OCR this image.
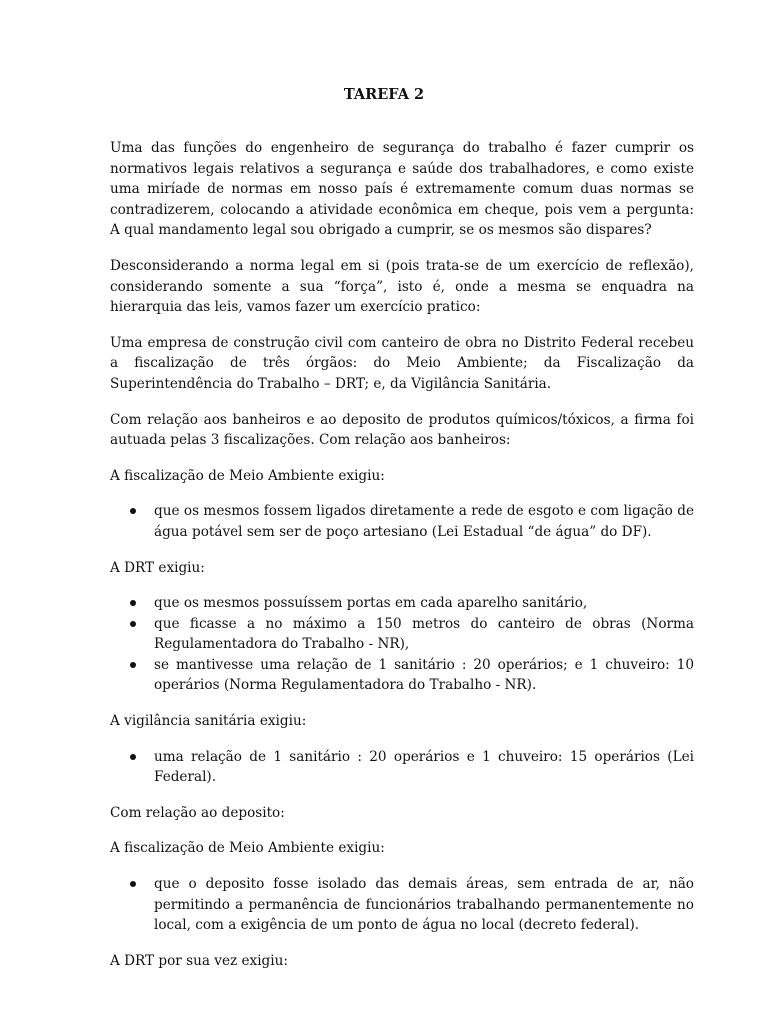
TAREFA 2

Uma das funções do engenheiro de segurança do trabalho é fazer cumprir os normativos legais relativos a segurança e saúde dos trabalhadores, e como existe uma miríade de normas em nosso país é extremamente comum duas normas se contradizerem, colocando a atividade econômica em cheque, pois vem a pergunta: A qual mandamento legal sou obrigado a cumprir, se os mesmos são dispares?

Desconsiderando a norma legal em si (pois trata-se de um exercício de reflexão), considerando somente a sua “força”, isto é, onde a mesma se enquadra na hierarquia das leis, vamos fazer um exercício pratico:

Uma empresa de construção civil com canteiro de obra no Distrito Federal recebeu a fiscalização de três órgãos: do Meio Ambiente; da Fiscalização da Superintendência do Trabalho – DRT; e, da Vigilância Sanitária.

Com relação aos banheiros e ao deposito de produtos químicos/tóxicos, a firma foi autuada pelas 3 fiscalizações. Com relação aos banheiros:

A fiscalização de Meio Ambiente exigiu:

que os mesmos fossem ligados diretamente a rede de esgoto e com ligação de água potável sem ser de poço artesiano (Lei Estadual “de água” do DF).

A DRT exigiu:

que os mesmos possuíssem portas em cada aparelho sanitário,
que ficasse a no máximo a 150 metros do canteiro de obras (Norma Regulamentadora do Trabalho - NR),
se mantivesse uma relação de 1 sanitário : 20 operários; e 1 chuveiro: 10 operários (Norma Regulamentadora do Trabalho - NR).

A vigilância sanitária exigiu:

uma relação de 1 sanitário : 20 operários e 1 chuveiro: 15 operários (Lei Federal).

Com relação ao deposito:

A fiscalização de Meio Ambiente exigiu:

que o deposito fosse isolado das demais áreas, sem entrada de ar, não permitindo a permanência de funcionários trabalhando permanentemente no local, com a exigência de um ponto de água no local (decreto federal).

A DRT por sua vez exigiu:
